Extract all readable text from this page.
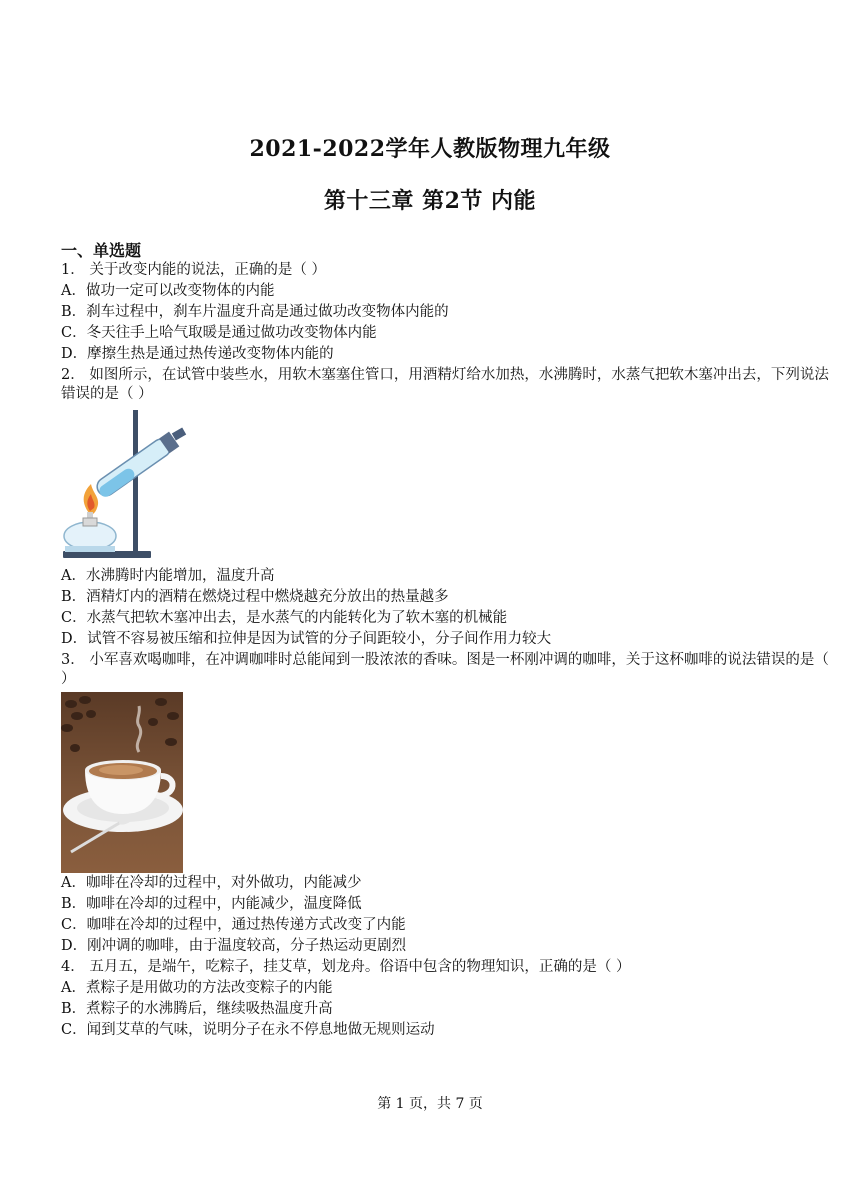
2021-2022学年人教版物理九年级
第十三章 第2节 内能
一、单选题
1． 关于改变内能的说法，正确的是（ ）
A．做功一定可以改变物体的内能
B．刹车过程中，刹车片温度升高是通过做功改变物体内能的
C．冬天往手上哈气取暖是通过做功改变物体内能
D．摩擦生热是通过热传递改变物体内能的
2． 如图所示，在试管中装些水，用软木塞塞住管口，用酒精灯给水加热，水沸腾时，水蒸气把软木塞冲出去，下列说法错误的是（ ）
A．水沸腾时内能增加，温度升高
B．酒精灯内的酒精在燃烧过程中燃烧越充分放出的热量越多
C．水蒸气把软木塞冲出去，是水蒸气的内能转化为了软木塞的机械能
D．试管不容易被压缩和拉伸是因为试管的分子间距较小，分子间作用力较大
3． 小军喜欢喝咖啡，在冲调咖啡时总能闻到一股浓浓的香味。图是一杯刚冲调的咖啡，关于这杯咖啡的说法错误的是（ ）
A．咖啡在冷却的过程中，对外做功，内能减少
B．咖啡在冷却的过程中，内能减少，温度降低
C．咖啡在冷却的过程中，通过热传递方式改变了内能
D．刚冲调的咖啡，由于温度较高，分子热运动更剧烈
4． 五月五，是端午，吃粽子，挂艾草，划龙舟。俗语中包含的物理知识，正确的是（ ）
A．煮粽子是用做功的方法改变粽子的内能
B．煮粽子的水沸腾后，继续吸热温度升高
C．闻到艾草的气味，说明分子在永不停息地做无规则运动
第 1 页，共 7 页
